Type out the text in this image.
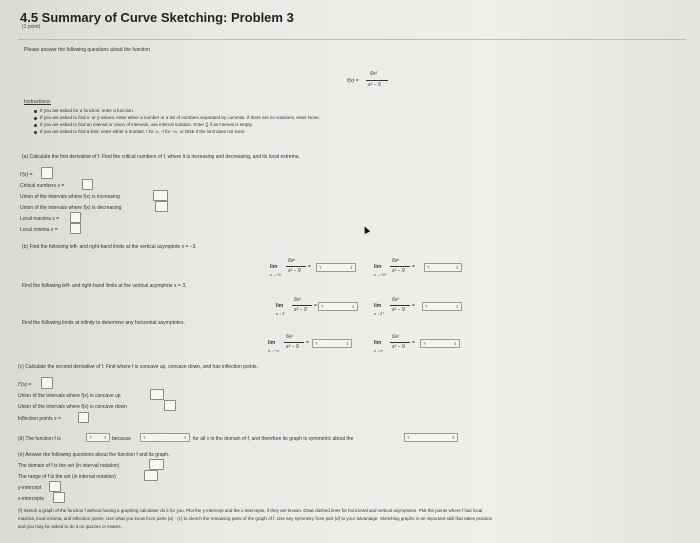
4.5 Summary of Curve Sketching: Problem 3
(1 point)
Please answer the following questions about the function
f(x) =
6x²
x² − 9
Instructions:
If you are asked for a function, enter a function.
If you are asked to find x- or y-values, enter either a number or a list of numbers separated by commas. If there are no solutions, enter None.
If you are asked to find an interval or union of intervals, use interval notation. Enter {} if an interval is empty.
If you are asked to find a limit, enter either a number, I for ∞, -I for −∞, or DNE if the limit does not exist.
(a) Calculate the first derivative of f. Find the critical numbers of f, where it is increasing and decreasing, and its local extrema.
f′(x) =
Critical numbers x =
Union of the intervals where f(x) is increasing
Union of the intervals where f(x) is decreasing
Local maxima x =
Local minima x =
(b) Find the following left- and right-hand limits at the vertical asymptote x = −3.
lim
x→−3⁻
6x²
x² − 9
=	?	⇕	lim
x→−3⁺
6x²
x² − 9
=	?	⇕
Find the following left- and right-hand limits at the vertical asymptote x = 3.
lim
x→3⁻
6x²
x² − 9
= ?	⇕	lim
x→3⁺
6x²
x² − 9
=	?	⇕
Find the following limits at infinity to determine any horizontal asymptotes.
lim
x→−∞
6x²
x² − 9
=	?	⇕	lim
x→∞
6x²
x² − 9
=	?	⇕
(c) Calculate the second derivative of f. Find where f is concave up, concave down, and has inflection points.
f″(x) =
Union of the intervals where f(x) is concave up
Union of the intervals where f(x) is concave down
Inflection points x =
(d) The function f is	?	⇕ because	?	⇕ for all x in the domain of f, and therefore its graph is symmetric about the	?	⇕
(e) Answer the following questions about the function f and its graph.
The domain of f is the set (in interval notation)
The range of f is the set (in interval notation)
y-intercept
x-intercepts
(f) Sketch a graph of the function f without having a graphing calculator do it for you. Plot the y-intercept and the x-intercepts, if they are known. Draw dashed lines for horizontal and vertical asymptotes. Plot the points where f has local
maxima, local minima, and inflection points. Use what you know from parts (a) - (c) to sketch the remaining parts of the graph of f. Use any symmetry from part (d) to your advantage. Sketching graphs is an important skill that takes practice,
and you may be asked to do it on quizzes or exams.
